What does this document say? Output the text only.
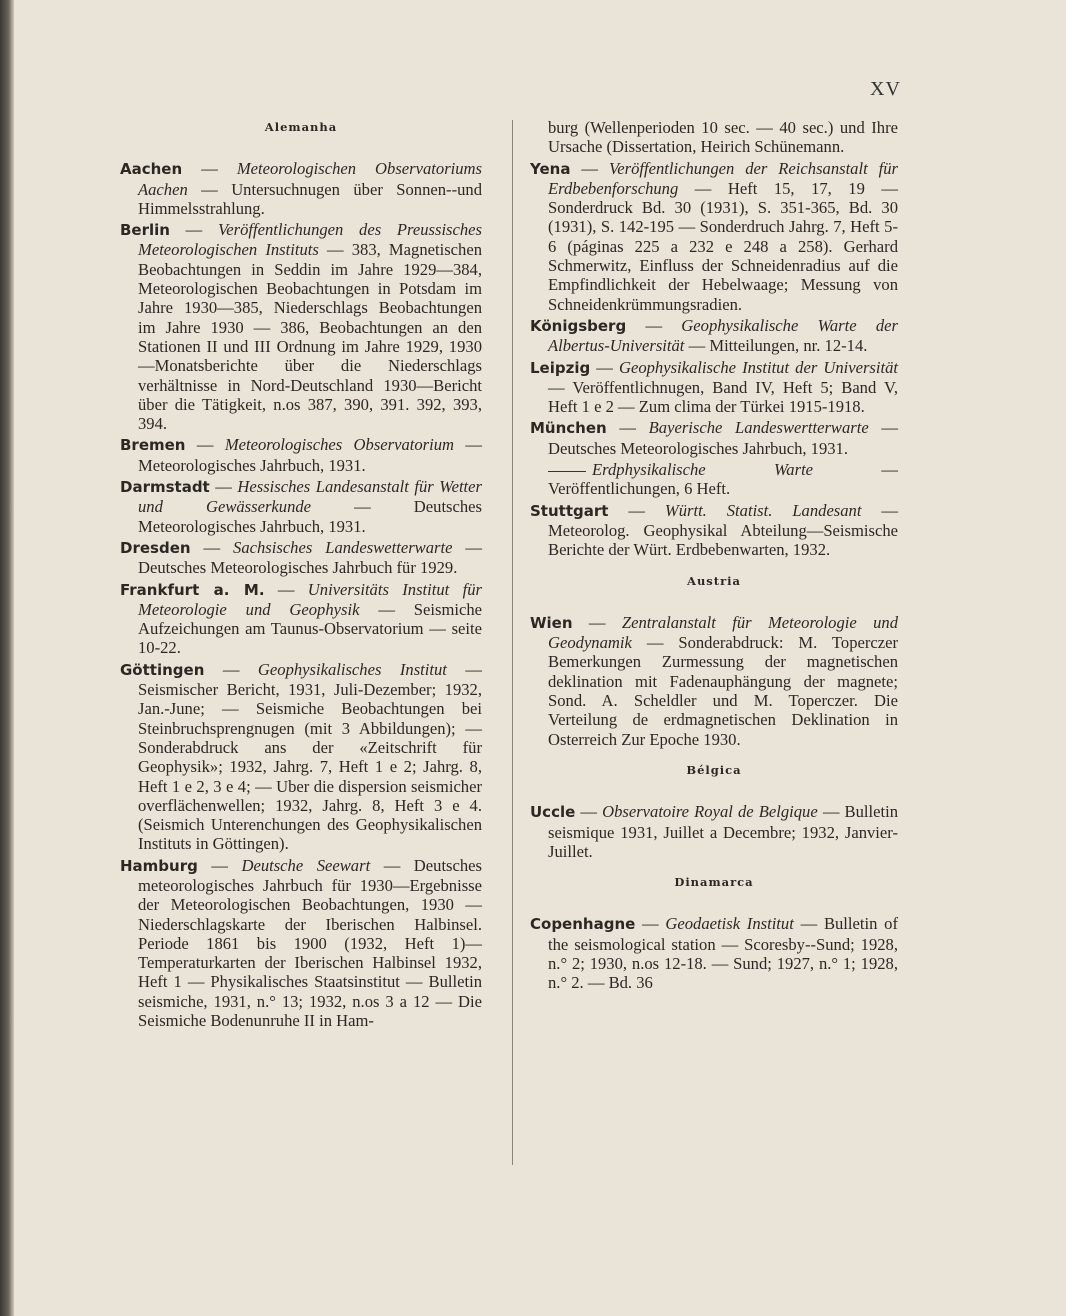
XV
Alemanha

Aachen — Meteorologischen Observatoriums Aachen — Untersuchnugen über Sonnen--und Himmelsstrahlung.

Berlin — Veröffentlichungen des Preussisches Meteorologischen Instituts — 383, Magnetischen Beobachtungen in Seddin im Jahre 1929—384, Meteorologischen Beobachtungen in Potsdam im Jahre 1930—385, Niederschlags Beobachtungen im Jahre 1930 — 386, Beobachtungen an den Stationen II und III Ordnung im Jahre 1929, 1930—Monatsberichte über die Niederschlags verhältnisse in Nord-Deutschland 1930—Bericht über die Tätigkeit, n.os 387, 390, 391. 392, 393, 394.

Bremen — Meteorologisches Observatorium — Meteorologisches Jahrbuch, 1931.

Darmstadt — Hessisches Landesanstalt für Wetter und Gewässerkunde — Deutsches Meteorologisches Jahrbuch, 1931.

Dresden — Sachsisches Landeswetterwarte — Deutsches Meteorologisches Jahrbuch für 1929.

Frankfurt a. M. — Universitäts Institut für Meteorologie und Geophysik — Seismiche Aufzeichungen am Taunus-Observatorium — seite 10-22.

Göttingen — Geophysikalisches Institut — Seismischer Bericht, 1931, Juli-Dezember; 1932, Jan.-June; — Seismiche Beobachtungen bei Steinbruchsprengnugen (mit 3 Abbildungen); — Sonderabdruck ans der «Zeitschrift für Geophysik»; 1932, Jahrg. 7, Heft 1 e 2; Jahrg. 8, Heft 1 e 2, 3 e 4; — Uber die dispersion seismicher overflächenwellen; 1932, Jahrg. 8, Heft 3 e 4. (Seismich Unterenchungen des Geophysikalischen Instituts in Göttingen).

Hamburg — Deutsche Seewart — Deutsches meteorologisches Jahrbuch für 1930—Ergebnisse der Meteorologischen Beobachtungen, 1930 — Niederschlagskarte der Iberischen Halbinsel. Periode 1861 bis 1900 (1932, Heft 1)—Temperaturkarten der Iberischen Halbinsel 1932, Heft 1 — Physikalisches Staatsinstitut — Bulletin seismiche, 1931, n.° 13; 1932, n.os 3 a 12 — Die Seismiche Bodenunruhe II in Ham-

burg (Wellenperioden 10 sec. — 40 sec.) und Ihre Ursache (Dissertation, Heirich Schünemann.

Yena — Veröffentlichungen der Reichsanstalt für Erdbebenforschung — Heft 15, 17, 19 — Sonderdruck Bd. 30 (1931), S. 351-365, Bd. 30 (1931), S. 142-195 — Sonderdruch Jahrg. 7, Heft 5-6 (páginas 225 a 232 e 248 a 258). Gerhard Schmerwitz, Einfluss der Schneidenradius auf die Empfindlichkeit der Hebelwaage; Messung von Schneidenkrümmungsradien.

Königsberg — Geophysikalische Warte der Albertus-Universität — Mitteilungen, nr. 12-14.

Leipzig — Geophysikalische Institut der Universität — Veröffentlichnugen, Band IV, Heft 5; Band V, Heft 1 e 2 — Zum clima der Türkei 1915-1918.

München — Bayerische Landeswertterwarte — Deutsches Meteorologisches Jahrbuch, 1931.

Erdphysikalische Warte — Veröffentlichungen, 6 Heft.

Stuttgart — Württ. Statist. Landesant — Meteorolog. Geophysikal Abteilung—Seismische Berichte der Würt. Erdbebenwarten, 1932.

Austria

Wien — Zentralanstalt für Meteorologie und Geodynamik — Sonderabdruck: M. Toperczer Bemerkungen Zurmessung der magnetischen deklination mit Fadenauphängung der magnete; Sond. A. Scheldler und M. Toperczer. Die Verteilung de erdmagnetischen Deklination in Osterreich Zur Epoche 1930.

Bélgica

Uccle — Observatoire Royal de Belgique — Bulletin seismique 1931, Juillet a Decembre; 1932, Janvier-Juillet.

Dinamarca

Copenhagne — Geodaetisk Institut — Bulletin of the seismological station — Scoresby--Sund; 1928, n.° 2; 1930, n.os 12-18. — Sund; 1927, n.° 1; 1928, n.° 2. — Bd. 36
